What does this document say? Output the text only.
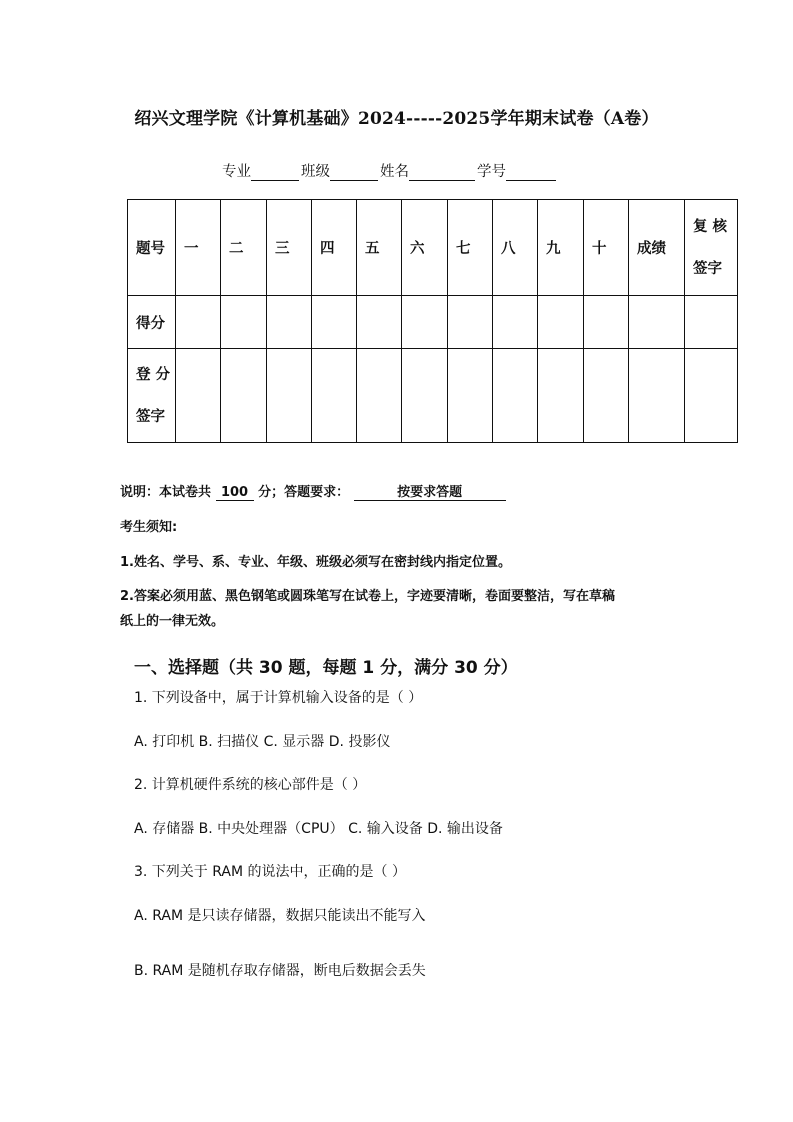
绍兴文理学院《计算机基础》2024-----2025学年期末试卷（A卷）
专业	班级	姓名	学号
题号	一	二	三	四	五	六	七	八	九	十	成绩	复 核
签字

得分												

登 分
签字												

说明：本试卷共 100 分；答题要求：	按要求答题
考生须知:
1.姓名、学号、系、专业、年级、班级必须写在密封线内指定位置。
2.答案必须用蓝、黑色钢笔或圆珠笔写在试卷上，字迹要清晰，卷面要整洁，写在草稿
纸上的一律无效。
一、选择题（共 30 题，每题 1 分，满分 30 分）
1. 下列设备中，属于计算机输入设备的是（ ）
A. 打印机 B. 扫描仪 C. 显示器 D. 投影仪
2. 计算机硬件系统的核心部件是（ ）
A. 存储器 B. 中央处理器（CPU） C. 输入设备 D. 输出设备
3. 下列关于 RAM 的说法中，正确的是（ ）
A. RAM 是只读存储器，数据只能读出不能写入
B. RAM 是随机存取存储器，断电后数据会丢失
